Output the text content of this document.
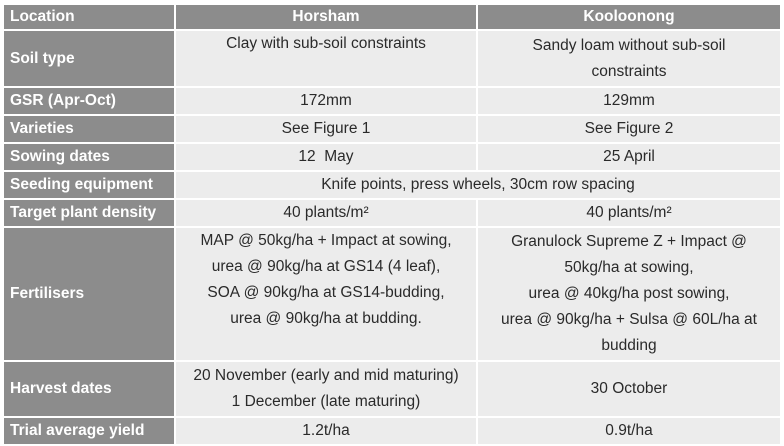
Location	Horsham	Kooloonong
Soil type	Clay with sub-soil constraints	Sandy loam without sub-soil
constraints

GSR (Apr-Oct)	172mm	129mm
Varieties	See Figure 1	See Figure 2
Sowing dates	12  May	25 April
Seeding equipment	Knife points, press wheels, 30cm row spacing	
Target plant density	40 plants/m²	40 plants/m²
Fertilisers	MAP @ 50kg/ha + Impact at sowing,
urea @ 90kg/ha at GS14 (4 leaf),
SOA @ 90kg/ha at GS14-budding,
urea @ 90kg/ha at budding.	Granulock Supreme Z + Impact @
50kg/ha at sowing,
urea @ 40kg/ha post sowing,
urea @ 90kg/ha + Sulsa @ 60L/ha at
budding

Harvest dates	20 November (early and mid maturing)
1 December (late maturing)	30 October
Trial average yield	1.2t/ha	0.9t/ha
